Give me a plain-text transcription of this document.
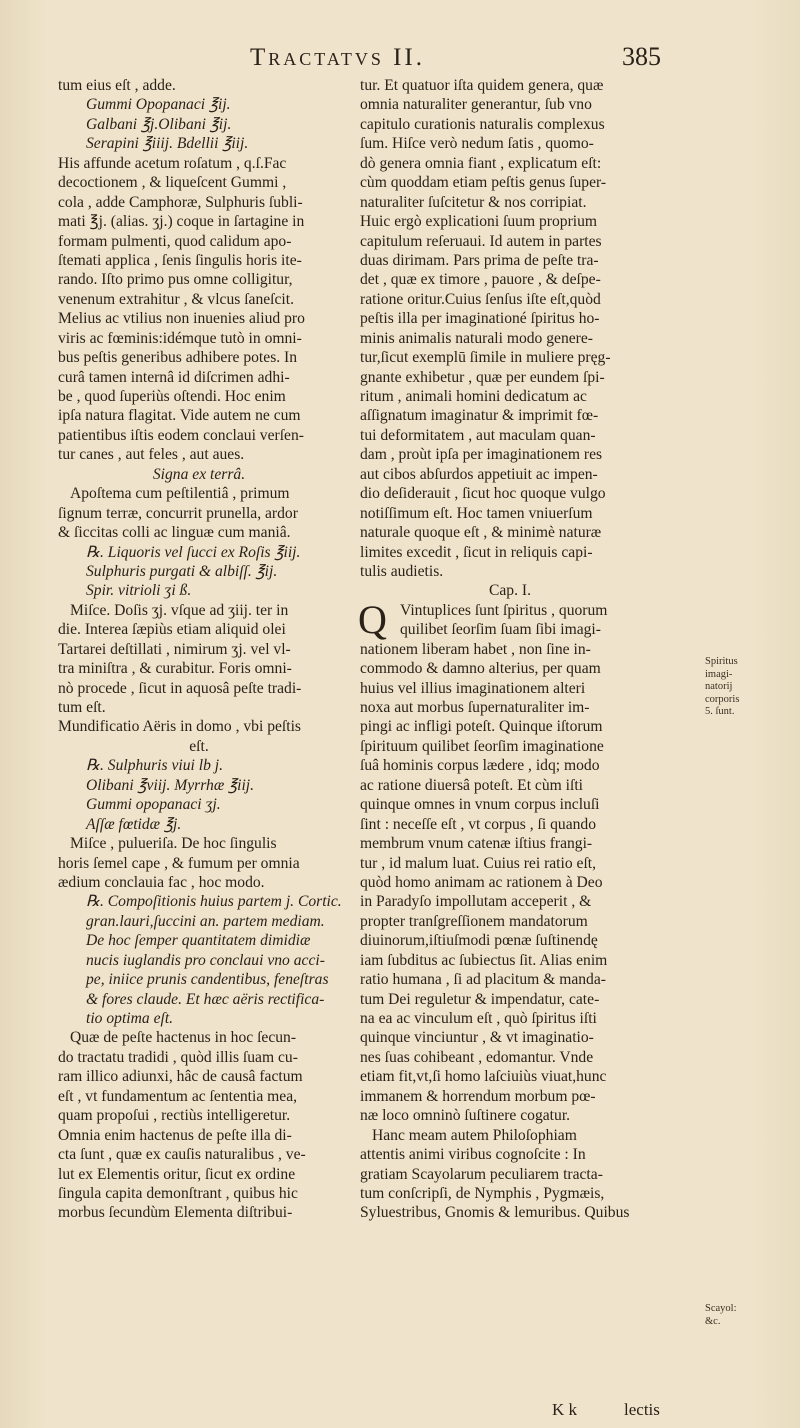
Tractatvs II.	385
tum eius eſt , adde.
Gummi Opopanaci ℥ij.
Galbani ℥j.Olibani ℥ij.
Serapini ℥iiij. Bdellii ℥iij.
His affunde acetum roſatum , q.ſ.Fac
decoctionem , & liqueſcent Gummi ,
cola , adde Camphoræ, Sulphuris ſubli-
mati ℥j. (alias. ʒj.) coque in ſartagine in
formam pulmenti, quod calidum apo-
ſtemati applica , ſenis ſingulis horis ite-
rando. Iſto primo pus omne colligitur,
venenum extrahitur , & vlcus ſaneſcit.
Melius ac vtilius non inuenies aliud pro
viris ac fœminis:idémque tutò in omni-
bus peſtis generibus adhibere potes. In
curâ tamen internâ id diſcrimen adhi-
be , quod ſuperiùs oſtendi. Hoc enim
ipſa natura flagitat. Vide autem ne cum
patientibus iſtis eodem conclaui verſen-
tur canes , aut feles , aut aues.
Signa ex terrâ.
Apoſtema cum peſtilentiâ , primum
ſignum terræ, concurrit prunella, ardor
& ſiccitas colli ac linguæ cum maniâ.
℞. Liquoris vel ſucci ex Roſis ℥iij.
Sulphuris purgati & albiſſ. ℥ij.
Spir. vitrioli ʒi ß.
Miſce. Doſis ʒj. vſque ad ʒiij. ter in
die. Interea ſæpiùs etiam aliquid olei
Tartarei deſtillati , nimirum ʒj. vel vl-
tra miniſtra , & curabitur. Foris omni-
nò procede , ſicut in aquosâ peſte tradi-
tum eſt.
Mundificatio Aëris in domo , vbi peſtis
eſt.
℞. Sulphuris viui lb j.
Olibani ℥viij. Myrrhæ ℥iij.
Gummi opopanaci ʒj.
Aſſæ fœtidæ ℥j.
Miſce , pulueriſa. De hoc ſingulis
horis ſemel cape , & fumum per omnia
ædium conclauia fac , hoc modo.
℞. Compoſitionis huius partem j. Cortic.
gran.lauri,ſuccini an. partem mediam.
De hoc ſemper quantitatem dimidiæ
nucis iuglandis pro conclaui vno acci-
pe, iniice prunis candentibus, feneſtras
& fores claude. Et hæc aëris rectifica-
tio optima eſt.
Quæ de peſte hactenus in hoc ſecun-
do tractatu tradidi , quòd illis ſuam cu-
ram illico adiunxi, hâc de causâ factum
eſt , vt fundamentum ac ſententia mea,
quam propoſui , rectiùs intelligeretur.
Omnia enim hactenus de peſte illa di-
cta ſunt , quæ ex cauſis naturalibus , ve-
lut ex Elementis oritur, ſicut ex ordine
ſingula capita demonſtrant , quibus hic
morbus ſecundùm Elementa diſtribui-
tur. Et quatuor iſta quidem genera, quæ
omnia naturaliter generantur, ſub vno
capitulo curationis naturalis complexus
ſum. Hiſce verò nedum ſatis , quomo-
dò genera omnia fiant , explicatum eſt:
cùm quoddam etiam peſtis genus ſuper-
naturaliter ſuſcitetur & nos corripiat.
Huic ergò explicationi ſuum proprium
capitulum reſeruaui. Id autem in partes
duas dirimam. Pars prima de peſte tra-
det , quæ ex timore , pauore , & deſpe-
ratione oritur.Cuius ſenſus iſte eſt,quòd
peſtis illa per imaginationé ſpiritus ho-
minis animalis naturali modo genere-
tur,ſicut exemplū ſimile in muliere pręg-
gnante exhibetur , quæ per eundem ſpi-
ritum , animali homini dedicatum ac
aſſignatum imaginatur & imprimit fœ-
tui deformitatem , aut maculam quan-
dam , proùt ipſa per imaginationem res
aut cibos abſurdos appetiuit ac impen-
dio deſiderauit , ſicut hoc quoque vulgo
notiſſimum eſt. Hoc tamen vniuerſum
naturale quoque eſt , & minimè naturæ
limites excedit , ſicut in reliquis capi-
tulis audietis.
Cap. I.
Q Vintuplices ſunt ſpiritus , quorum
quilibet ſeorſim ſuam ſibi imagi-
nationem liberam habet , non ſine in-
commodo & damno alterius, per quam
huius vel illius imaginationem alteri
noxa aut morbus ſupernaturaliter im-
pingi ac infligi poteſt. Quinque iſtorum
ſpirituum quilibet ſeorſim imaginatione
ſuâ hominis corpus lædere , idq; modo
ac ratione diuersâ poteſt. Et cùm iſti
quinque omnes in vnum corpus incluſi
ſint : neceſſe eſt , vt corpus , ſi quando
membrum vnum catenæ iſtius frangi-
tur , id malum luat. Cuius rei ratio eſt,
quòd homo animam ac rationem à Deo
in Paradyſo impollutam acceperit , &
propter tranſgreſſionem mandatorum
diuinorum,iſtiuſmodi pœnæ ſuſtinendę
iam ſubditus ac ſubiectus ſit. Alias enim
ratio humana , ſi ad placitum & manda-
tum Dei reguletur & impendatur, cate-
na ea ac vinculum eſt , quò ſpiritus iſti
quinque vinciuntur , & vt imaginatio-
nes ſuas cohibeant , edomantur. Vnde
etiam fit,vt,ſi homo laſciuiùs viuat,hunc
immanem & horrendum morbum pœ-
næ loco omninò ſuſtinere cogatur.
Hanc meam autem Philoſophiam
attentis animi viribus cognoſcite : In
gratiam Scayolarum peculiarem tracta-
tum conſcripſi, de Nymphis , Pygmæis,
Syluestribus, Gnomis & lemuribus. Quibus
Spiritus
imagi-
natorij
corporis
5. ſunt.
Scayol:
&c.
K k	lectis
